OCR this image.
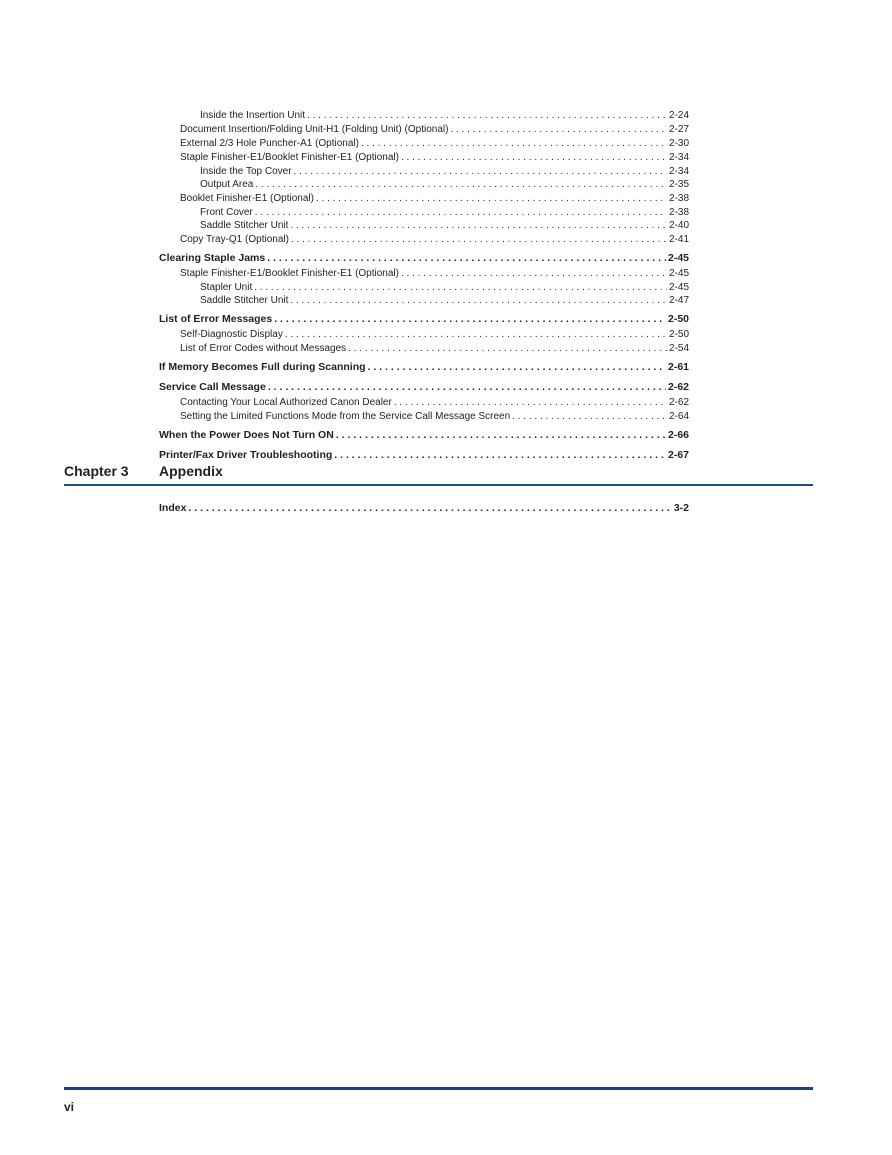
Inside the Insertion Unit . . .	2-24
Document Insertion/Folding Unit-H1 (Folding Unit) (Optional) . . .	2-27
External 2/3 Hole Puncher-A1 (Optional) . . .	2-30
Staple Finisher-E1/Booklet Finisher-E1 (Optional) . . .	2-34
Inside the Top Cover . . .	2-34
Output Area . . .	2-35
Booklet Finisher-E1 (Optional) . . .	2-38
Front Cover . . .	2-38
Saddle Stitcher Unit . . .	2-40
Copy Tray-Q1 (Optional) . . .	2-41
Clearing Staple Jams . . .	2-45
Staple Finisher-E1/Booklet Finisher-E1 (Optional) . . .	2-45
Stapler Unit . . .	2-45
Saddle Stitcher Unit . . .	2-47
List of Error Messages . . .	2-50
Self-Diagnostic Display . . .	2-50
List of Error Codes without Messages . . .	2-54
If Memory Becomes Full during Scanning . . .	2-61
Service Call Message . . .	2-62
Contacting Your Local Authorized Canon Dealer . . .	2-62
Setting the Limited Functions Mode from the Service Call Message Screen . . .	2-64
When the Power Does Not Turn ON . . .	2-66
Printer/Fax Driver Troubleshooting . . .	2-67
Chapter 3 Appendix
Index . . .	3-2
vi
